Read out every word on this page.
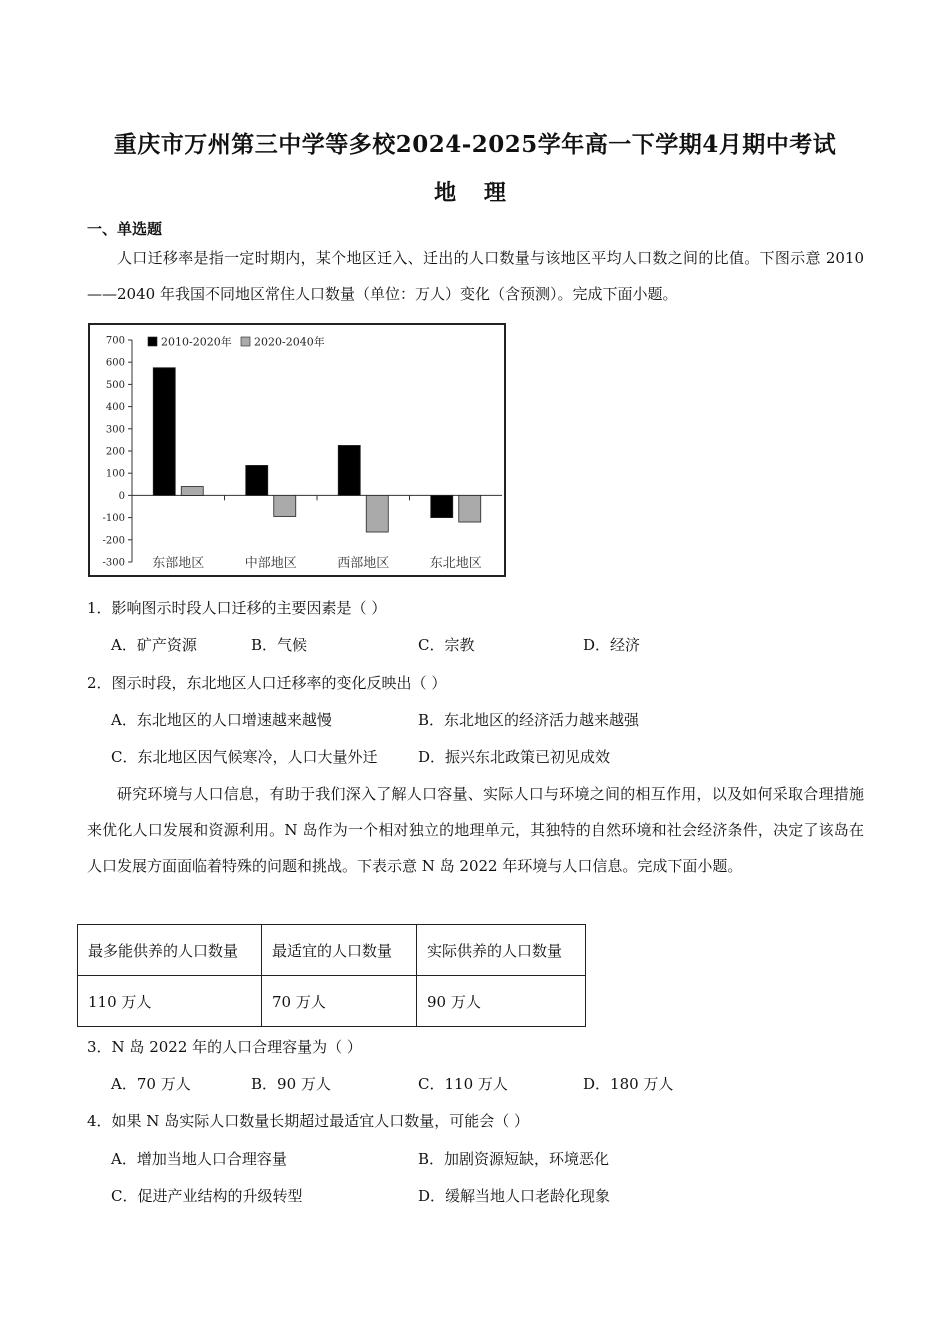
重庆市万州第三中学等多校2024-2025学年高一下学期4月期中考试
地 理
一、单选题
人口迁移率是指一定时期内，某个地区迁入、迁出的人口数量与该地区平均人口数之间的比值。下图示意 2010——2040 年我国不同地区常住人口数量（单位：万人）变化（含预测）。完成下面小题。
700
600
500
400
300
200
100
0
-100
-200
-300 东部地区	中部地区	西部地区	东北地区
2010-2020年 2020-2040年
1．影响图示时段人口迁移的主要因素是（ ）
A．矿产资源	B．气候	C．宗教	D．经济
2．图示时段，东北地区人口迁移率的变化反映出（ ）
A．东北地区的人口增速越来越慢	B．东北地区的经济活力越来越强
C．东北地区因气候寒冷，人口大量外迁	D．振兴东北政策已初见成效
研究环境与人口信息，有助于我们深入了解人口容量、实际人口与环境之间的相互作用，以及如何采取合理措施来优化人口发展和资源利用。N 岛作为一个相对独立的地理单元，其独特的自然环境和社会经济条件，决定了该岛在人口发展方面面临着特殊的问题和挑战。下表示意 N 岛 2022 年环境与人口信息。完成下面小题。
最多能供养的人口数量	最适宜的人口数量	实际供养的人口数量
110 万人	70 万人	90 万人
3．N 岛 2022 年的人口合理容量为（ ）
A．70 万人	B．90 万人	C．110 万人	D．180 万人
4．如果 N 岛实际人口数量长期超过最适宜人口数量，可能会（ ）
A．增加当地人口合理容量	B．加剧资源短缺，环境恶化
C．促进产业结构的升级转型	D．缓解当地人口老龄化现象
